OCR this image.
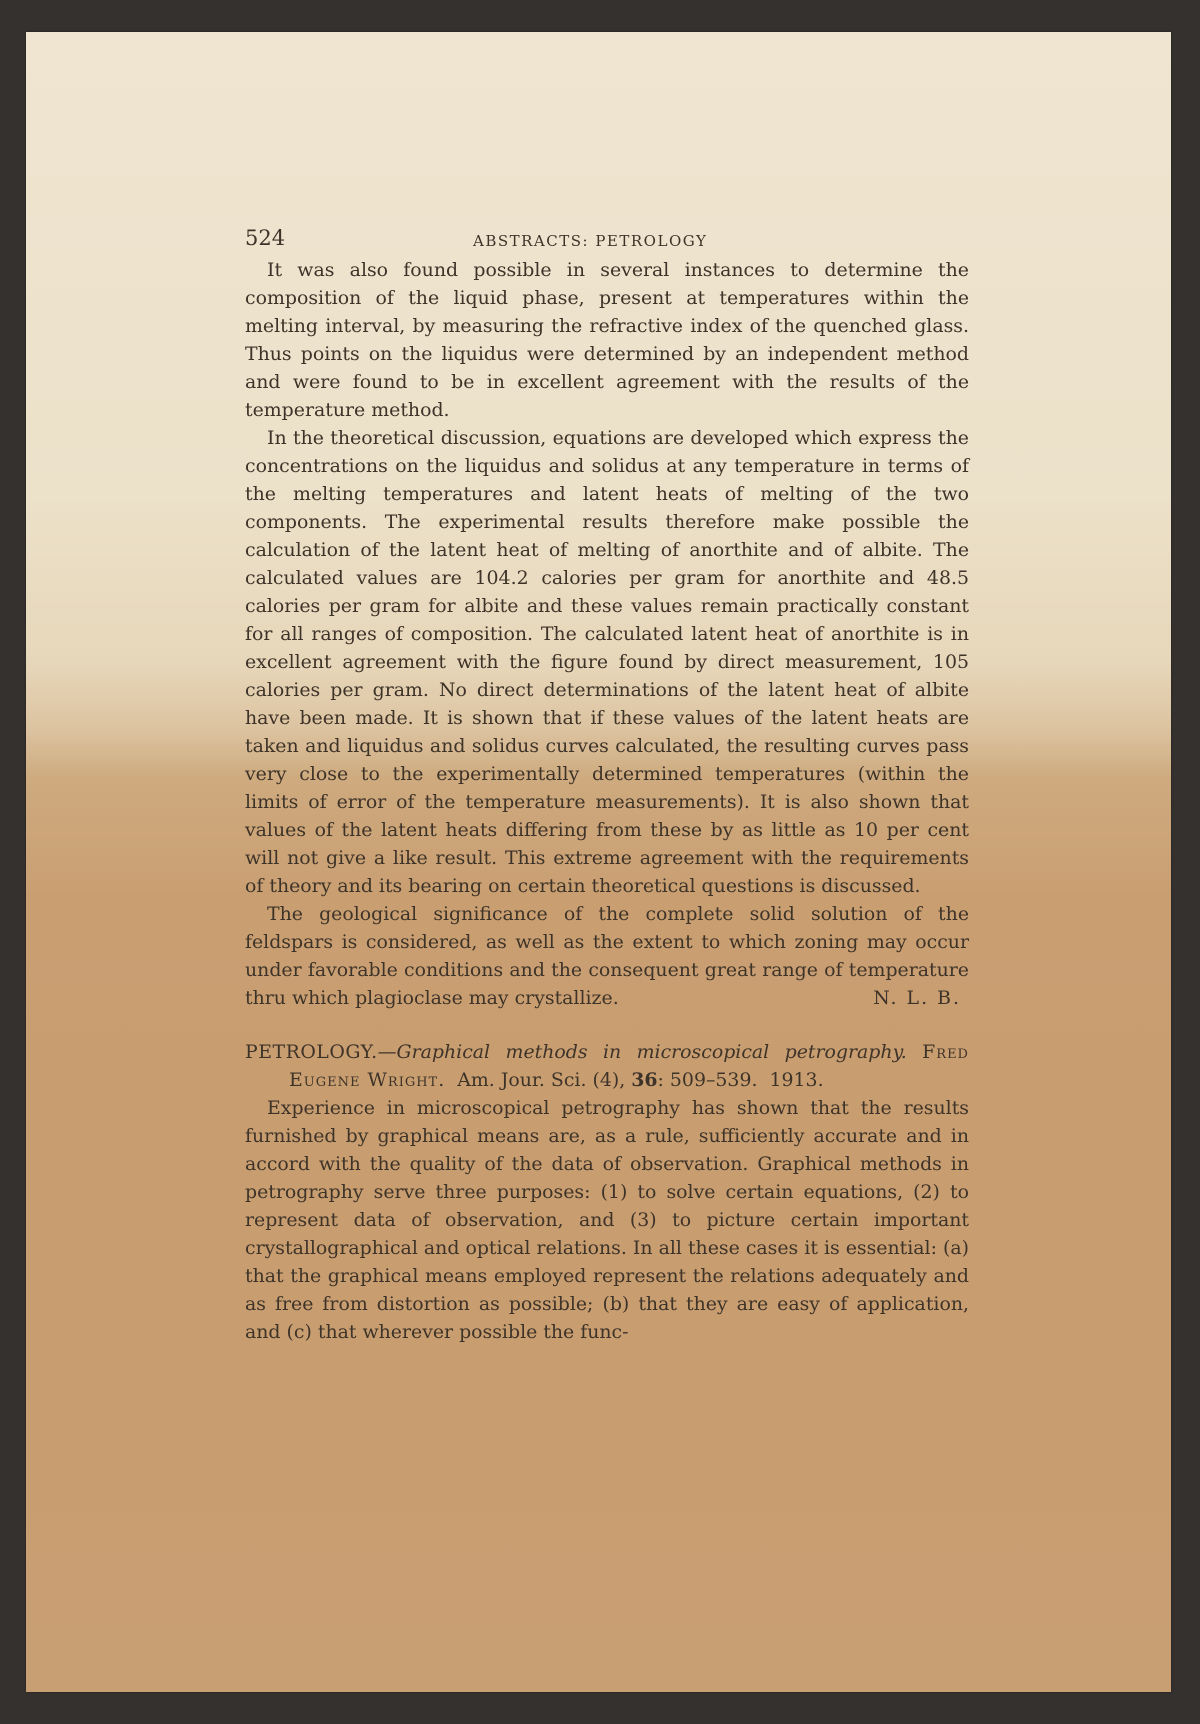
524	ABSTRACTS: PETROLOGY

It was also found possible in several instances to determine the composition of the liquid phase, present at temperatures within the melting interval, by measuring the refractive index of the quenched glass. Thus points on the liquidus were determined by an independent method and were found to be in excellent agreement with the results of the temperature method.

In the theoretical discussion, equations are developed which express the concentrations on the liquidus and solidus at any temperature in terms of the melting temperatures and latent heats of melting of the two components. The experimental results therefore make possible the calculation of the latent heat of melting of anorthite and of albite. The calculated values are 104.2 calories per gram for anorthite and 48.5 calories per gram for albite and these values remain practically constant for all ranges of composition. The calculated latent heat of anorthite is in excellent agreement with the figure found by direct measurement, 105 calories per gram. No direct determinations of the latent heat of albite have been made. It is shown that if these values of the latent heats are taken and liquidus and solidus curves calculated, the resulting curves pass very close to the experimentally determined temperatures (within the limits of error of the temperature measurements). It is also shown that values of the latent heats differing from these by as little as 10 per cent will not give a like result. This extreme agreement with the requirements of theory and its bearing on certain theoretical questions is discussed.

The geological significance of the complete solid solution of the feldspars is considered, as well as the extent to which zoning may occur under favorable conditions and the consequent great range of temperature thru which plagioclase may crystallize.	N. L. B.

PETROLOGY.—Graphical methods in microscopical petrography. Fred
Eugene Wright. Am. Jour. Sci. (4), 36: 509–539. 1913.

Experience in microscopical petrography has shown that the results furnished by graphical means are, as a rule, sufficiently accurate and in accord with the quality of the data of observation. Graphical methods in petrography serve three purposes: (1) to solve certain equations, (2) to represent data of observation, and (3) to picture certain important crystallographical and optical relations. In all these cases it is essential: (a) that the graphical means employed represent the relations adequately and as free from distortion as possible; (b) that they are easy of application, and (c) that wherever possible the func-
